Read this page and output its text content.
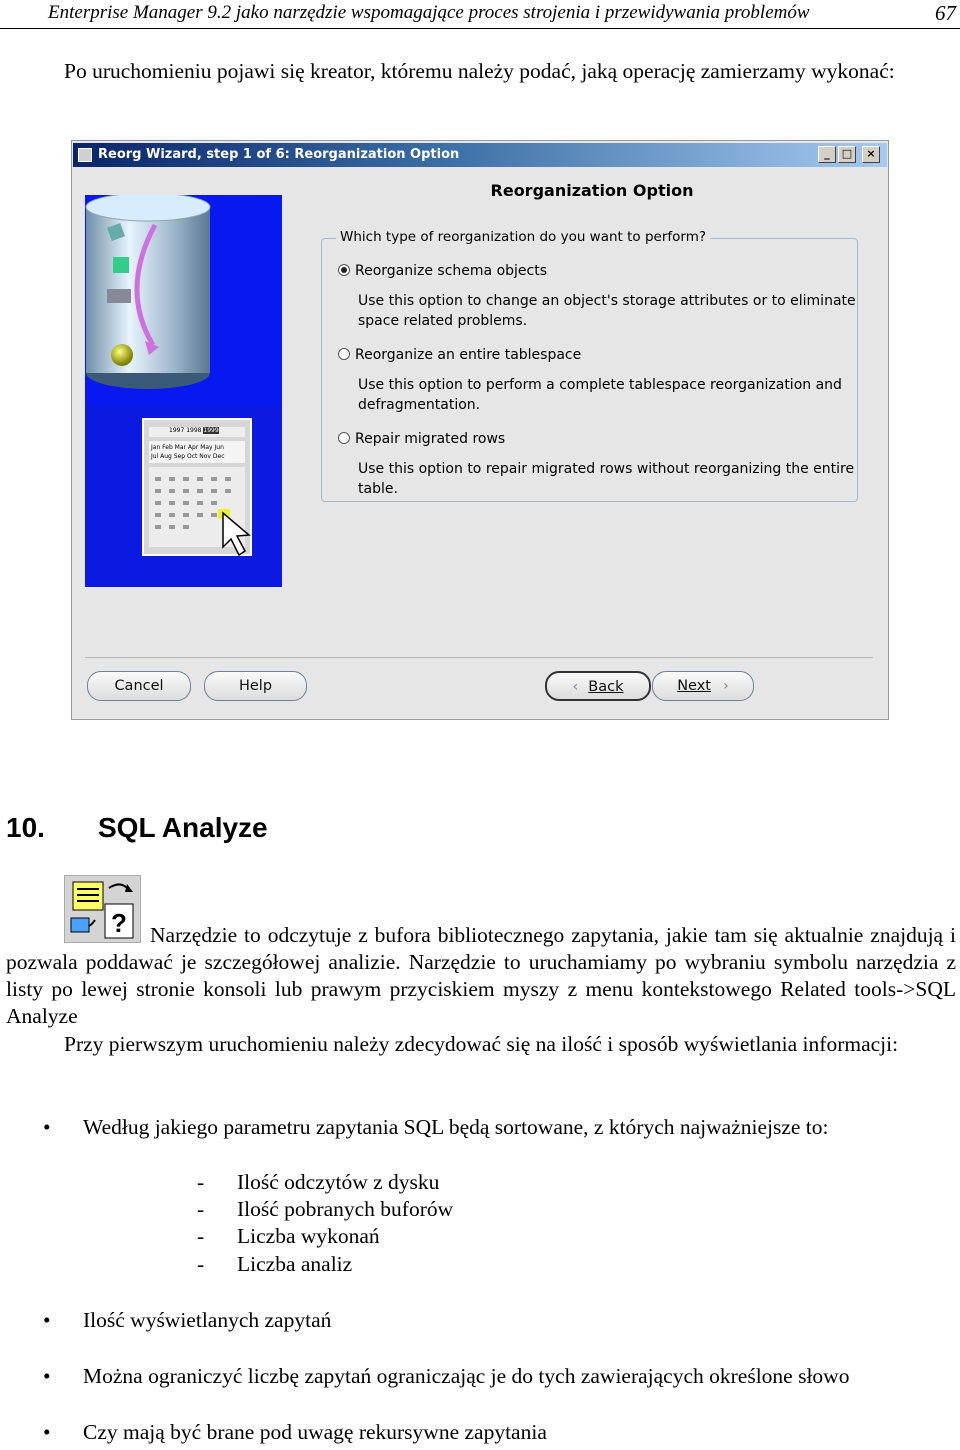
Enterprise Manager 9.2 jako narzędzie wspomagające proces strojenia i przewidywania problemów	67

Po uruchomieniu pojawi się kreator, któremu należy podać, jaką operację zamierzamy wykonać:

Reorg Wizard, step 1 of 6: Reorganization Option	_	□	×
1997 1998 1999
Jan Feb Mar Apr May Jun
Jul Aug Sep Oct Nov Dec
Reorganization Option
Which type of reorganization do you want to perform?
Reorganize schema objects
Use this option to change an object's storage attributes or to eliminate space related problems.
Reorganize an entire tablespace
Use this option to perform a complete tablespace reorganization and defragmentation.
Repair migrated rows
Use this option to repair migrated rows without reorganizing the entire table.
Cancel	Help	‹ Back	Next ›
10. SQL Analyze
?	Narzędzie to odczytuje z bufora bibliotecznego zapytania, jakie tam się aktualnie znajdują i pozwala poddawać je szczegółowej analizie. Narzędzie to uruchamiamy po wybraniu symbolu narzędzia z listy po lewej stronie konsoli lub prawym przyciskiem myszy z menu kontekstowego Related tools->SQL Analyze

Przy pierwszym uruchomieniu należy zdecydować się na ilość i sposób wyświetlania informacji:

• Według jakiego parametru zapytania SQL będą sortowane, z których najważniejsze to:
- Ilość odczytów z dysku
- Ilość pobranych buforów
- Liczba wykonań
- Liczba analiz
• Ilość wyświetlanych zapytań
• Można ograniczyć liczbę zapytań ograniczając je do tych zawierających określone słowo
• Czy mają być brane pod uwagę rekursywne zapytania
